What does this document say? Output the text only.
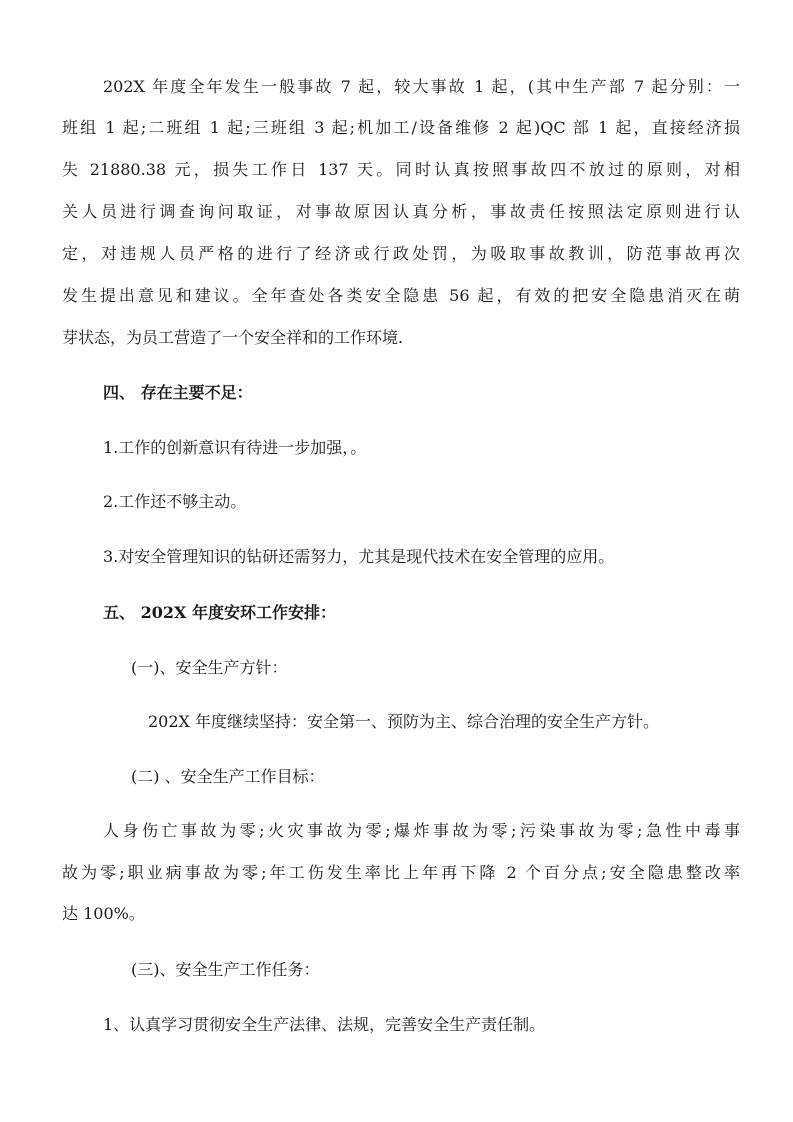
202X 年度全年发生一般事故 7 起，较大事故 1 起，(其中生产部 7 起分别：一
班组 1 起;二班组 1 起;三班组 3 起;机加工/设备维修 2 起)QC 部 1 起，直接经济损
失 21880.38 元，损失工作日 137 天。同时认真按照事故四不放过的原则，对相
关人员进行调查询问取证，对事故原因认真分析，事故责任按照法定原则进行认
定，对违规人员严格的进行了经济或行政处罚，为吸取事故教训，防范事故再次
发生提出意见和建议。全年查处各类安全隐患 56 起，有效的把安全隐患消灭在萌
芽状态，为员工营造了一个安全祥和的工作环境.
四、 存在主要不足：
1.工作的创新意识有待进一步加强，。
2.工作还不够主动。
3.对安全管理知识的钻研还需努力，尤其是现代技术在安全管理的应用。
五、 202X 年度安环工作安排：
(一)、安全生产方针：
202X 年度继续坚持：安全第一、预防为主、综合治理的安全生产方针。
(二) 、安全生产工作目标：
人身伤亡事故为零;火灾事故为零;爆炸事故为零;污染事故为零;急性中毒事
故为零;职业病事故为零;年工伤发生率比上年再下降 2 个百分点;安全隐患整改率
达 100%。
(三)、安全生产工作任务：
1、认真学习贯彻安全生产法律、法规，完善安全生产责任制。
